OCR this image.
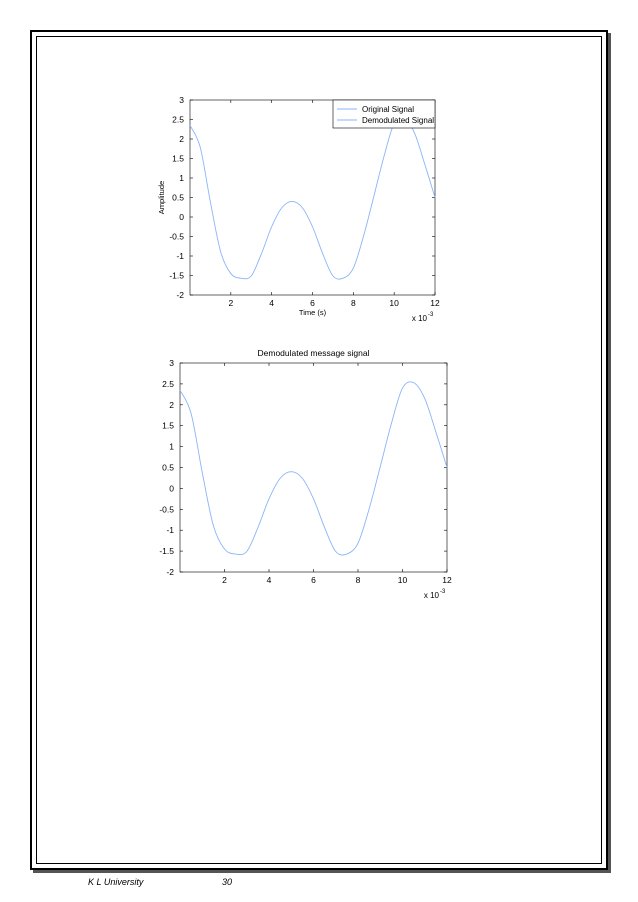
-2
-1.5
-1
-0.5
0
0.5
1
1.5
2
2.5
3
2	4	6	8	10	12
x 10 -3
Time (s)
Amplitude
Original Signal
Demodulated Signal
-2
-1.5
-1
-0.5
0
0.5
1
1.5
2
2.5
3
2	4	6	8	10	12
x 10 -3
Demodulated message signal
K L University	30
